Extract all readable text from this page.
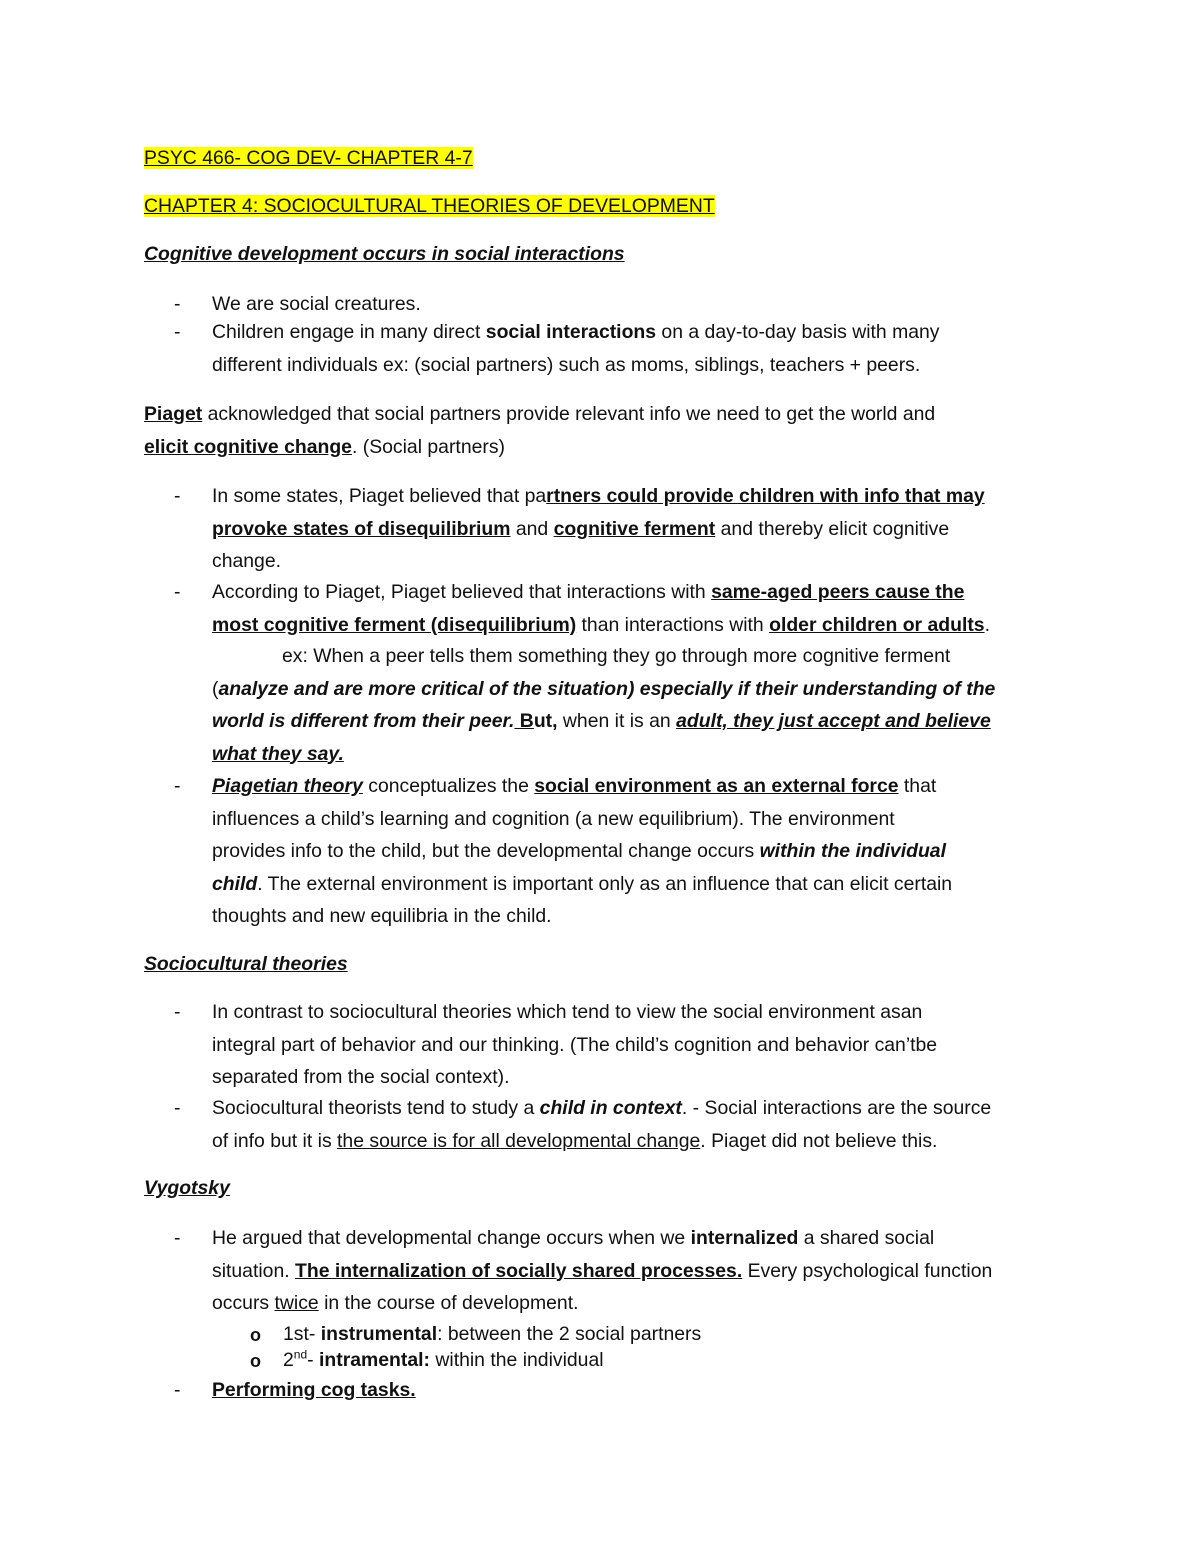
PSYC 466- COG DEV- CHAPTER 4-7

CHAPTER 4: SOCIOCULTURAL THEORIES OF DEVELOPMENT

Cognitive development occurs in social interactions

- We are social creatures.
- Children engage in many direct social interactions on a day-to-day basis with many
different individuals ex: (social partners) such as moms, siblings, teachers + peers.

Piaget acknowledged that social partners provide relevant info we need to get the world and
elicit cognitive change. (Social partners)

- In some states, Piaget believed that partners could provide children with info that may
provoke states of disequilibrium and cognitive ferment and thereby elicit cognitive
change.
- According to Piaget, Piaget believed that interactions with same-aged peers cause the
most cognitive ferment (disequilibrium) than interactions with older children or adults.
ex: When a peer tells them something they go through more cognitive ferment
(analyze and are more critical of the situation) especially if their understanding of the
world is different from their peer. But, when it is an adult, they just accept and believe
what they say.
- Piagetian theory conceptualizes the social environment as an external force that
influences a child’s learning and cognition (a new equilibrium). The environment
provides info to the child, but the developmental change occurs within the individual
child. The external environment is important only as an influence that can elicit certain
thoughts and new equilibria in the child.

Sociocultural theories

- In contrast to sociocultural theories which tend to view the social environment asan
integral part of behavior and our thinking. (The child’s cognition and behavior can’tbe
separated from the social context).
- Sociocultural theorists tend to study a child in context. - Social interactions are the source
of info but it is the source is for all developmental change. Piaget did not believe this.

Vygotsky

- He argued that developmental change occurs when we internalized a shared social
situation. The internalization of socially shared processes. Every psychological function
occurs twice in the course of development.
o 1st- instrumental: between the 2 social partners
o 2nd- intramental: within the individual
- Performing cog tasks.
